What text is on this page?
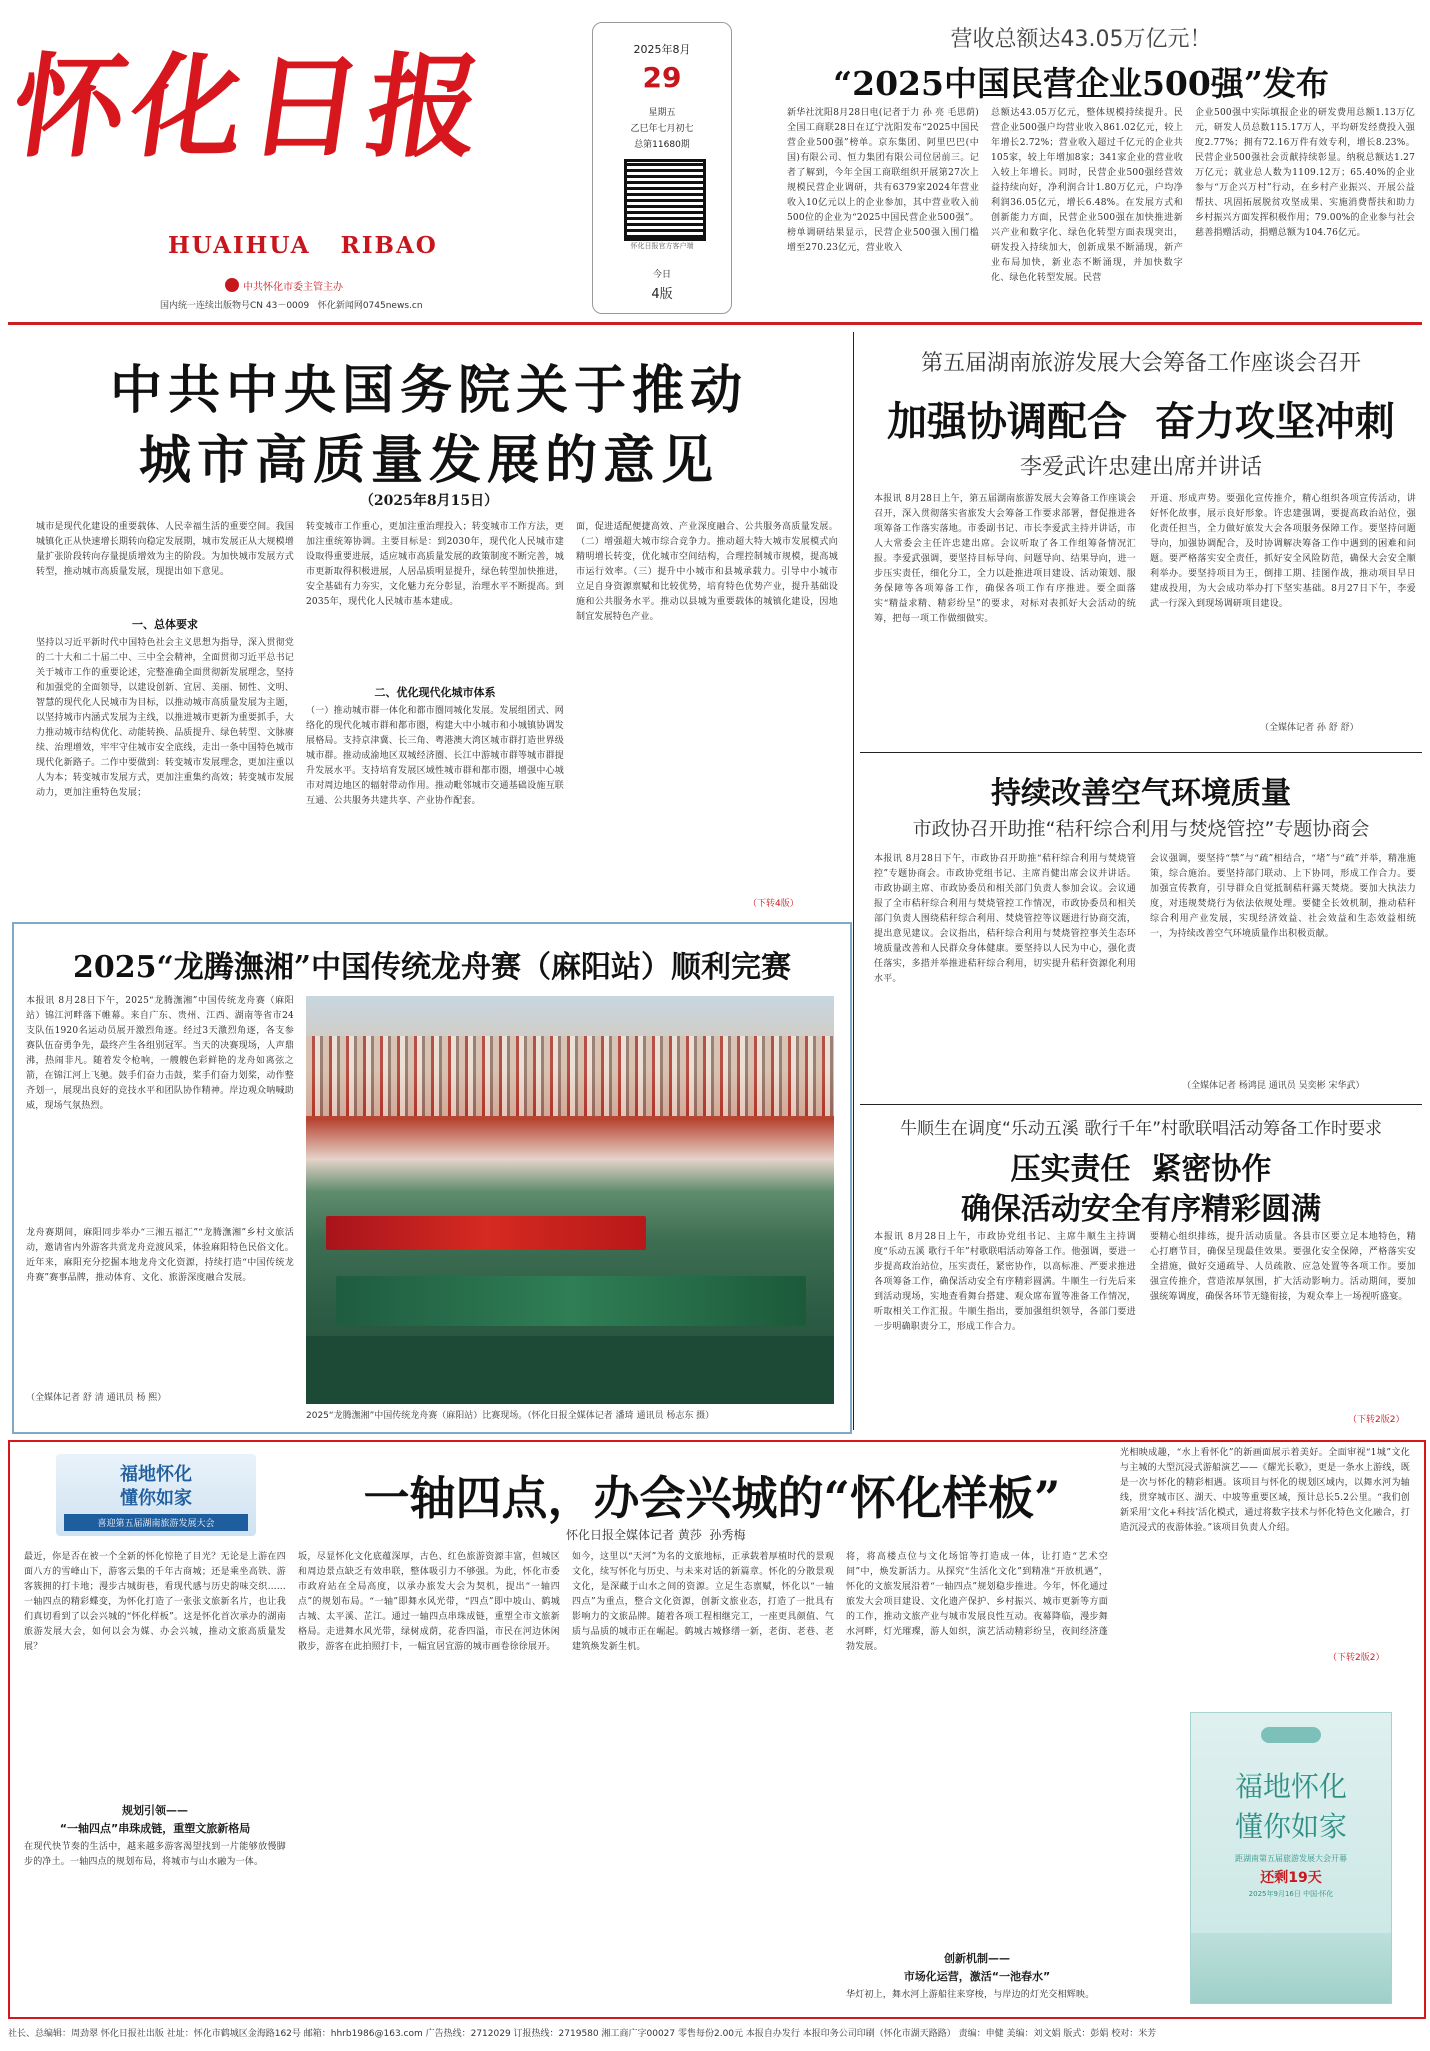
怀化日报
HUAIHUA   RIBAO
中共怀化市委主管主办
国内统一连续出版物号CN 43－0009   怀化新闻网0745news.cn
2025年8月
29
星期五
乙巳年七月初七
总第11680期
怀化日报官方客户端
今日
4版
营收总额达43.05万亿元！
“2025中国民营企业500强”发布
新华社沈阳8月28日电(记者于力 孙 亮 毛思荫)全国工商联28日在辽宁沈阳发布“2025中国民营企业500强”榜单。京东集团、阿里巴巴(中国)有限公司、恒力集团有限公司位居前三。记者了解到，今年全国工商联组织开展第27次上规模民营企业调研，共有6379家2024年营业收入10亿元以上的企业参加，其中营业收入前500位的企业为“2025中国民营企业500强”。榜单调研结果显示，民营企业500强入围门槛增至270.23亿元，营业收入
总额达43.05万亿元，整体规模持续提升。民营企业500强户均营业收入861.02亿元，较上年增长2.72%；营业收入超过千亿元的企业共105家，较上年增加8家；341家企业的营业收入较上年增长。同时，民营企业500强经营效益持续向好，净利润合计1.80万亿元，户均净利润36.05亿元，增长6.48%。在发展方式和创新能力方面，民营企业500强在加快推进新兴产业和数字化、绿色化转型方面表现突出，研发投入持续加大，创新成果不断涌现，新产业布局加快，新业态不断涌现，并加快数字化、绿色化转型发展。民营
企业500强中实际填报企业的研发费用总额1.13万亿元，研发人员总数115.17万人，平均研发经费投入强度2.77%；拥有72.16万件有效专利，增长8.23%。民营企业500强社会贡献持续彰显。纳税总额达1.27万亿元；就业总人数为1109.12万；65.40%的企业参与“万企兴万村”行动，在乡村产业振兴、开展公益帮扶、巩固拓展脱贫攻坚成果、实施消费帮扶和助力乡村振兴方面发挥积极作用；79.00%的企业参与社会慈善捐赠活动，捐赠总额为104.76亿元。
中共中央国务院关于推动
城市高质量发展的意见
（2025年8月15日）
城市是现代化建设的重要载体、人民幸福生活的重要空间。我国城镇化正从快速增长期转向稳定发展期，城市发展正从大规模增量扩张阶段转向存量提质增效为主的阶段。为加快城市发展方式转型，推动城市高质量发展，现提出如下意见。
一、总体要求
坚持以习近平新时代中国特色社会主义思想为指导，深入贯彻党的二十大和二十届二中、三中全会精神，全面贯彻习近平总书记关于城市工作的重要论述，完整准确全面贯彻新发展理念，坚持和加强党的全面领导，以建设创新、宜居、美丽、韧性、文明、智慧的现代化人民城市为目标，以推动城市高质量发展为主题，以坚持城市内涵式发展为主线，以推进城市更新为重要抓手，大力推动城市结构优化、动能转换、品质提升、绿色转型、文脉赓续、治理增效，牢牢守住城市安全底线，走出一条中国特色城市现代化新路子。二作中要做到：转变城市发展理念，更加注重以人为本；转变城市发展方式，更加注重集约高效；转变城市发展动力，更加注重特色发展；
转变城市工作重心，更加注重治理投入；转变城市工作方法，更加注重统筹协调。主要目标是：到2030年，现代化人民城市建设取得重要进展，适应城市高质量发展的政策制度不断完善，城市更新取得积极进展，人居品质明显提升，绿色转型加快推进，安全基础有力夯实，文化魅力充分彰显，治理水平不断提高。到2035年，现代化人民城市基本建成。
二、优化现代化城市体系
（一）推动城市群一体化和都市圈同城化发展。发展组团式、网络化的现代化城市群和都市圈，构建大中小城市和小城镇协调发展格局。支持京津冀、长三角、粤港澳大湾区城市群打造世界级城市群。推动成渝地区双城经济圈、长江中游城市群等城市群提升发展水平。支持培育发展区域性城市群和都市圈，增强中心城市对周边地区的辐射带动作用。推动毗邻城市交通基础设施互联互通、公共服务共建共享、产业协作配套。
面，促进适配便捷高效、产业深度融合、公共服务高质量发展。（二）增强超大城市综合竞争力。推动超大特大城市发展模式向精明增长转变，优化城市空间结构，合理控制城市规模，提高城市运行效率。（三）提升中小城市和县城承载力。引导中小城市立足自身资源禀赋和比较优势，培育特色优势产业，提升基础设施和公共服务水平。推动以县城为重要载体的城镇化建设，因地制宜发展特色产业。
（下转4版）
第五届湖南旅游发展大会筹备工作座谈会召开
加强协调配合  奋力攻坚冲刺
李爱武许忠建出席并讲话
本报讯 8月28日上午，第五届湖南旅游发展大会筹备工作座谈会召开，深入贯彻落实省旅发大会筹备工作要求部署，督促推进各项筹备工作落实落地。市委副书记、市长李爱武主持并讲话，市人大常委会主任许忠建出席。会议听取了各工作组筹备情况汇报。李爱武强调，要坚持目标导向、问题导向、结果导向，进一步压实责任，细化分工，全力以赴推进项目建设、活动策划、服务保障等各项筹备工作，确保各项工作有序推进。要全面落实“精益求精、精彩纷呈”的要求，对标对表抓好大会活动的统筹，把每一项工作做细做实。
开道、形成声势。要强化宣传推介，精心组织各项宣传活动，讲好怀化故事，展示良好形象。许忠建强调，要提高政治站位，强化责任担当，全力做好旅发大会各项服务保障工作。要坚持问题导向，加强协调配合，及时协调解决筹备工作中遇到的困难和问题。要严格落实安全责任，抓好安全风险防范，确保大会安全顺利举办。要坚持项目为王，倒排工期、挂图作战，推动项目早日建成投用，为大会成功举办打下坚实基础。8月27日下午，李爱武一行深入到现场调研项目建设。
（全媒体记者 孙 舒 舒）
持续改善空气环境质量
市政协召开助推“秸秆综合利用与焚烧管控”专题协商会
本报讯 8月28日下午，市政协召开助推“秸秆综合利用与焚烧管控”专题协商会。市政协党组书记、主席肖健出席会议并讲话。市政协副主席、市政协委员和相关部门负责人参加会议。会议通报了全市秸秆综合利用与焚烧管控工作情况，市政协委员和相关部门负责人围绕秸秆综合利用、焚烧管控等议题进行协商交流，提出意见建议。会议指出，秸秆综合利用与焚烧管控事关生态环境质量改善和人民群众身体健康。要坚持以人民为中心，强化责任落实，多措并举推进秸秆综合利用，切实提升秸秆资源化利用水平。
会议强调，要坚持“禁”与“疏”相结合，“堵”与“疏”并举，精准施策，综合施治。要坚持部门联动、上下协同，形成工作合力。要加强宣传教育，引导群众自觉抵制秸秆露天焚烧。要加大执法力度，对违规焚烧行为依法依规处理。要健全长效机制，推动秸秆综合利用产业发展，实现经济效益、社会效益和生态效益相统一，为持续改善空气环境质量作出积极贡献。
（全媒体记者 杨鸿昆 通讯员 吴奕彬 宋华武）
牛顺生在调度“乐动五溪 歌行千年”村歌联唱活动筹备工作时要求
压实责任  紧密协作
确保活动安全有序精彩圆满
本报讯 8月28日上午，市政协党组书记、主席牛顺生主持调度“乐动五溪 歌行千年”村歌联唱活动筹备工作。他强调，要进一步提高政治站位，压实责任，紧密协作，以高标准、严要求推进各项筹备工作，确保活动安全有序精彩圆满。牛顺生一行先后来到活动现场，实地查看舞台搭建、观众席布置等准备工作情况，听取相关工作汇报。牛顺生指出，要加强组织领导，各部门要进一步明确职责分工，形成工作合力。
要精心组织排练，提升活动质量。各县市区要立足本地特色，精心打磨节目，确保呈现最佳效果。要强化安全保障，严格落实安全措施，做好交通疏导、人员疏散、应急处置等各项工作。要加强宣传推介，营造浓厚氛围，扩大活动影响力。活动期间，要加强统筹调度，确保各环节无缝衔接，为观众奉上一场视听盛宴。
（下转2版2）
2025“龙腾潕湘”中国传统龙舟赛（麻阳站）顺利完赛
本报讯 8月28日下午，2025“龙腾潕湘”中国传统龙舟赛（麻阳站）锦江河畔落下帷幕。来自广东、贵州、江西、湖南等省市24支队伍1920名运动员展开激烈角逐。经过3天激烈角逐，各支参赛队伍奋勇争先，最终产生各组别冠军。当天的决赛现场，人声鼎沸，热闹非凡。随着发令枪响，一艘艘色彩鲜艳的龙舟如离弦之箭，在锦江河上飞驰。鼓手们奋力击鼓，桨手们奋力划桨，动作整齐划一，展现出良好的竞技水平和团队协作精神。岸边观众呐喊助威，现场气氛热烈。
龙舟赛期间，麻阳同步举办“三湘五福汇”“龙腾潕湘”乡村文旅活动，邀请省内外游客共赏龙舟竞渡风采，体验麻阳特色民俗文化。近年来，麻阳充分挖掘本地龙舟文化资源，持续打造“中国传统龙舟赛”赛事品牌，推动体育、文化、旅游深度融合发展。
（全媒体记者 舒 清 通讯员 杨 熙）
2025“龙腾潕湘”中国传统龙舟赛（麻阳站）比赛现场。（怀化日报全媒体记者 潘琦 通讯员 杨志东 摄）
福地怀化
懂你如家
喜迎第五届湖南旅游发展大会	一轴四点，办会兴城的“怀化样板”
怀化日报全媒体记者 黄莎  孙秀梅
最近，你是否在被一个全新的怀化惊艳了目光？无论是上游在四面八方的雪峰山下，游客云集的千年古商城；还是乘坐高铁、游客簇拥的打卡地；漫步古城街巷，看现代感与历史韵味交织……一轴四点的精彩蝶变，为怀化打造了一张张文旅新名片，也让我们真切看到了以会兴城的“怀化样板”。这是怀化首次承办的湖南旅游发展大会，如何以会为媒、办会兴城，推动文旅高质量发展？
规划引领——
“一轴四点”串珠成链，重塑文旅新格局
在现代快节奏的生活中，越来越多游客渴望找到一片能够放慢脚步的净土。一轴四点的规划布局，将城市与山水融为一体。
坂，尽显怀化文化底蕴深厚，古色、红色旅游资源丰富，但城区和周边景点缺乏有效串联，整体吸引力不够强。为此，怀化市委市政府站在全局高度，以承办旅发大会为契机，提出“一轴四点”的规划布局。“一轴”即舞水风光带，“四点”即中坡山、鹤城古城、太平溪、芷江。通过一轴四点串珠成链，重塑全市文旅新格局。走进舞水风光带，绿树成荫，花香四溢，市民在河边休闲散步，游客在此拍照打卡，一幅宜居宜游的城市画卷徐徐展开。
如今，这里以“天河”为名的文旅地标，正承载着厚植时代的景观文化，续写怀化与历史、与未来对话的新篇章。怀化的分散景观文化，是深藏于山水之间的资源。立足生态禀赋，怀化以“一轴四点”为重点，整合文化资源，创新文旅业态，打造了一批具有影响力的文旅品牌。随着各项工程相继完工，一座更具颜值、气质与品质的城市正在崛起。鹤城古城修缮一新，老街、老巷、老建筑焕发新生机。
将，将高楼点位与文化场馆等打造成一体，让打造“艺术空间”中，焕发新活力。从探究“生活化文化”到精准“开放机遇”，怀化的文旅发展沿着“一轴四点”规划稳步推进。今年，怀化通过旅发大会项目建设、文化遗产保护、乡村振兴、城市更新等方面的工作，推动文旅产业与城市发展良性互动。夜幕降临，漫步舞水河畔，灯光璀璨，游人如织，演艺活动精彩纷呈，夜间经济蓬勃发展。
创新机制——
市场化运营，激活“一池春水”
华灯初上，舞水河上游船往来穿梭，与岸边的灯光交相辉映。
光相映成趣，“水上看怀化”的新画面展示着美好。全面审视“1城”文化与主城的大型沉浸式游船演艺——《耀光长歌》，更是一条水上游线，既是一次与怀化的精彩相遇。该项目与怀化的规划区域内，以舞水河为轴线，贯穿城市区、湖天、中坡等重要区域，预计总长5.2公里。“我们创新采用‘文化+科技’活化模式，通过将数字技术与怀化特色文化融合，打造沉浸式的夜游体验。”该项目负责人介绍。
（下转2版2）
福地怀化
懂你如家
距湖南第五届旅游发展大会开幕
还剩19天
2025年9月16日 中国·怀化
社长、总编辑：周劲翠 怀化日报社出版 社址：怀化市鹤城区金海路162号 邮箱：hhrb1986@163.com 广告热线：2712029 订报热线：2719580 湘工商广字00027 零售每份2.00元 本报自办发行 本报印务公司印刷（怀化市湖天路路） 责编：申健 美编：刘文娟 版式：彭娟 校对：米芳
